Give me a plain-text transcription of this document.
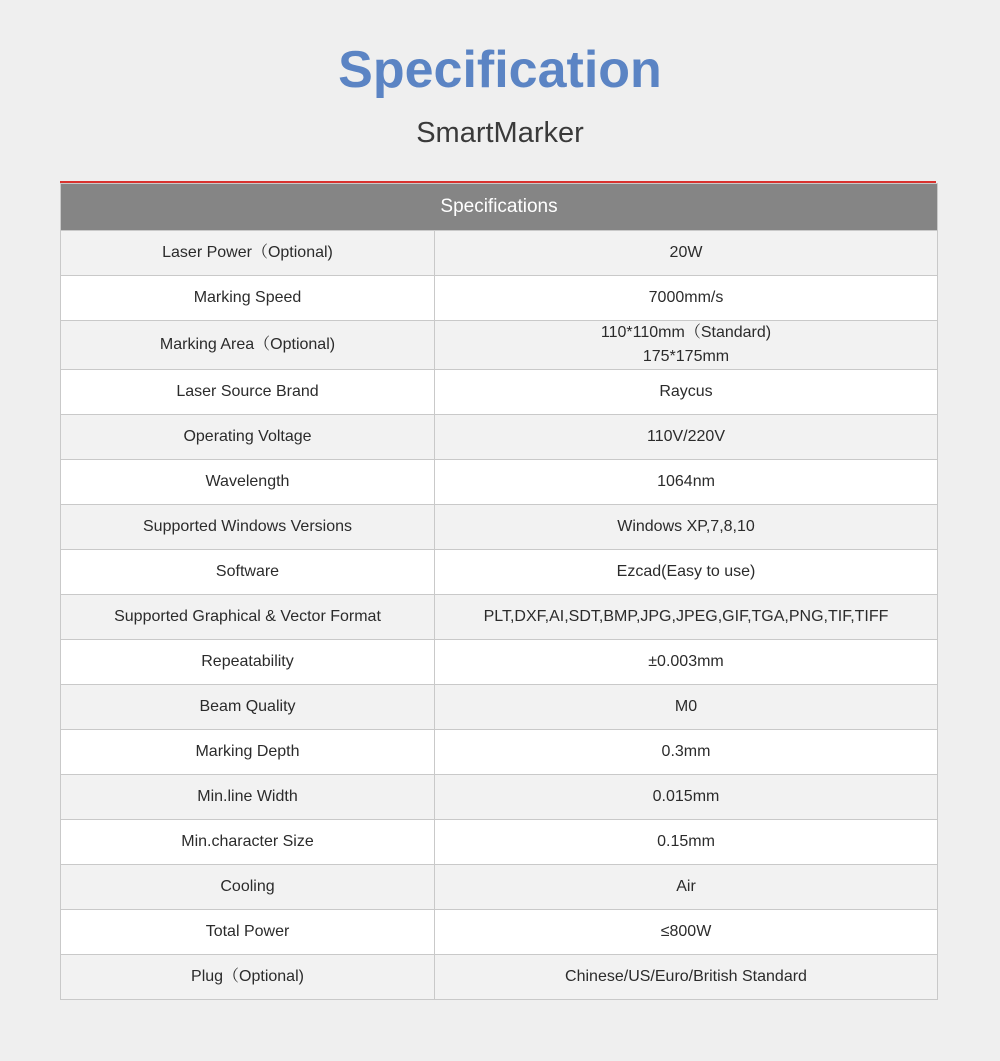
Specification
SmartMarker
Specifications	
Laser Power（Optional)	20W
Marking Speed	7000mm/s
Marking Area（Optional)	110*110mm（Standard)
175*175mm

Laser Source Brand	Raycus
Operating Voltage	110V/220V
Wavelength	1064nm
Supported Windows Versions	Windows XP,7,8,10
Software	Ezcad(Easy to use)
Supported Graphical & Vector Format	PLT,DXF,AI,SDT,BMP,JPG,JPEG,GIF,TGA,PNG,TIF,TIFF
Repeatability	±0.003mm
Beam Quality	M0
Marking Depth	0.3mm
Min.line Width	0.015mm
Min.character Size	0.15mm
Cooling	Air
Total Power	≤800W
Plug（Optional)	Chinese/US/Euro/British Standard
